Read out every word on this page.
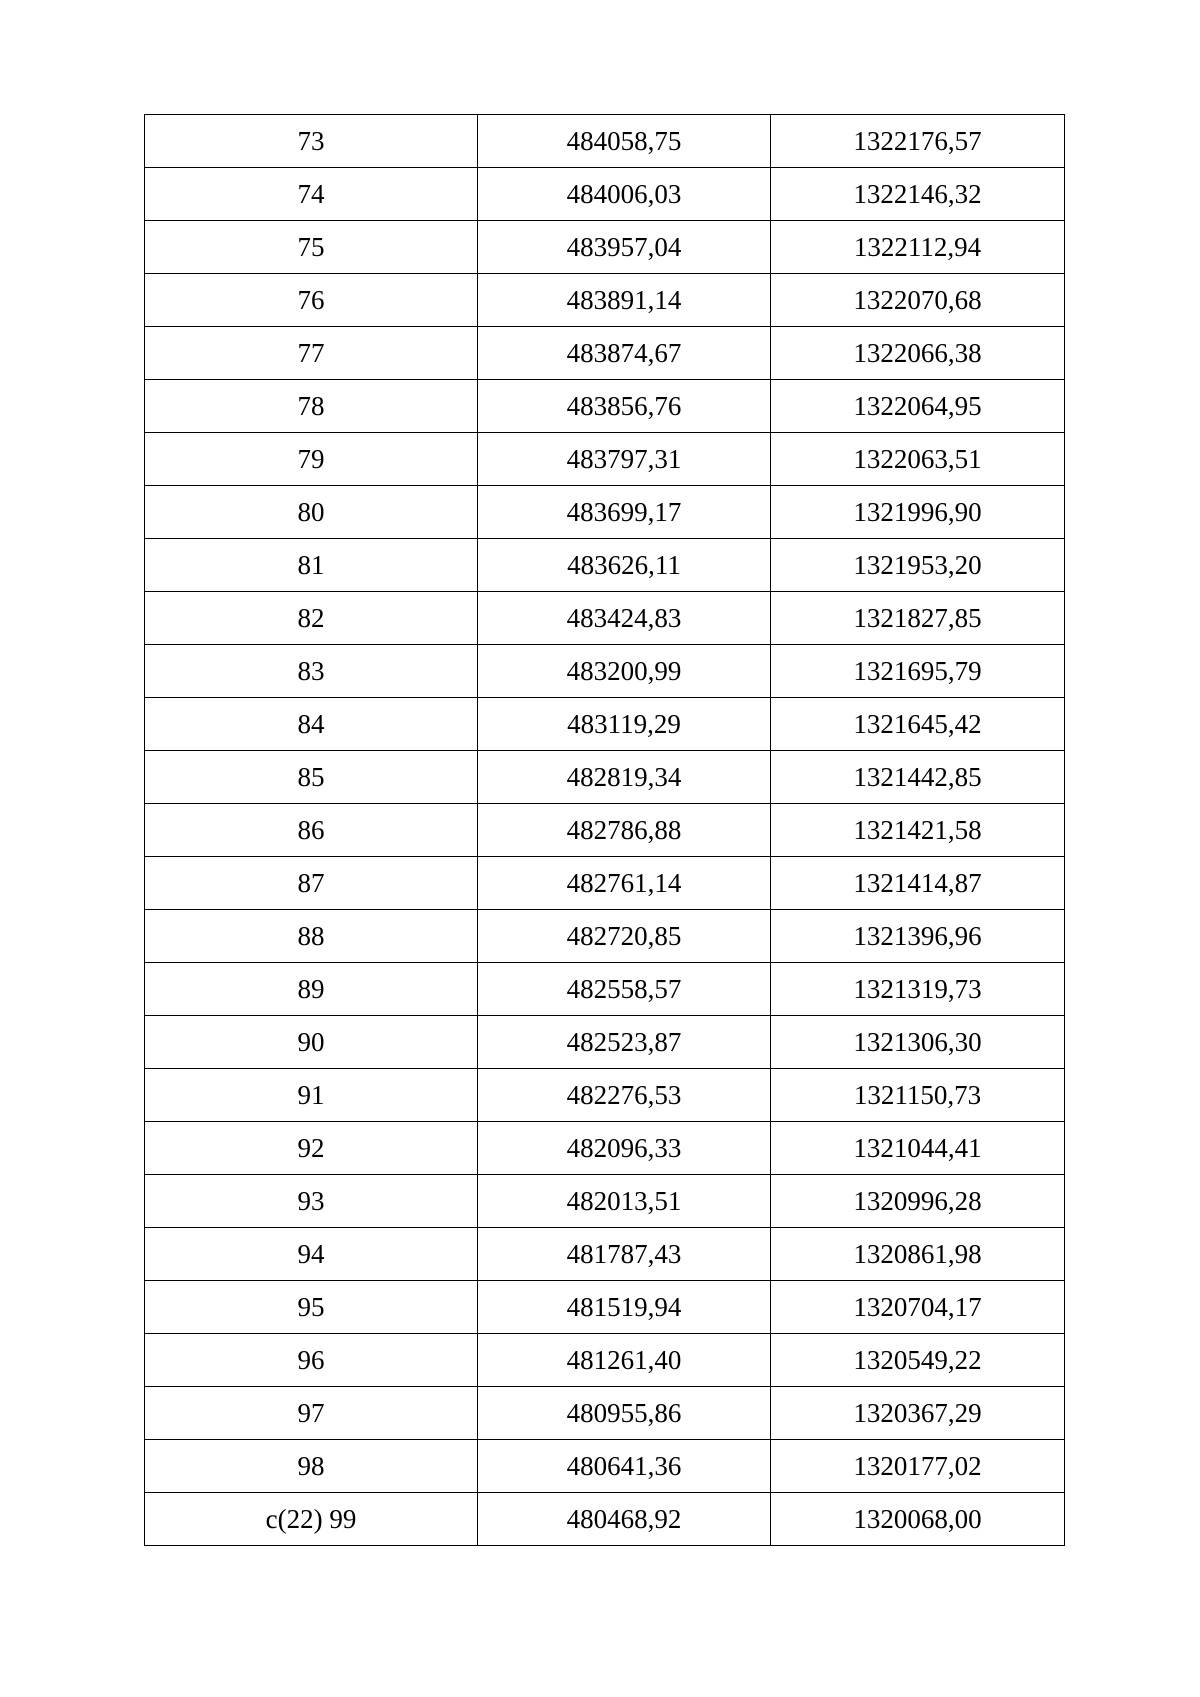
73	484058,75	1322176,57
74	484006,03	1322146,32
75	483957,04	1322112,94
76	483891,14	1322070,68
77	483874,67	1322066,38
78	483856,76	1322064,95
79	483797,31	1322063,51
80	483699,17	1321996,90
81	483626,11	1321953,20
82	483424,83	1321827,85
83	483200,99	1321695,79
84	483119,29	1321645,42
85	482819,34	1321442,85
86	482786,88	1321421,58
87	482761,14	1321414,87
88	482720,85	1321396,96
89	482558,57	1321319,73
90	482523,87	1321306,30
91	482276,53	1321150,73
92	482096,33	1321044,41
93	482013,51	1320996,28
94	481787,43	1320861,98
95	481519,94	1320704,17
96	481261,40	1320549,22
97	480955,86	1320367,29
98	480641,36	1320177,02
c(22) 99	480468,92	1320068,00
